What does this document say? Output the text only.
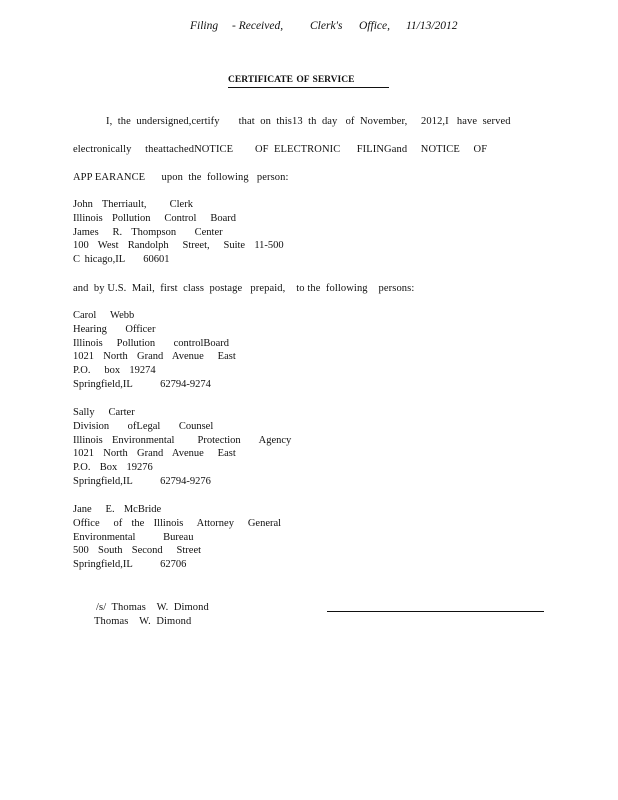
Filing - Received, Clerk's Office, 11/13/2012
CERTIFICATE OF SERVICE
I,  the  undersigned,certify       that  on  this13  th  day   of  November,     2012,I   have  served
electronically     theattachedNOTICE        OF  ELECTRONIC      FILINGand     NOTICE     OF
APP EARANCE      upon  the  following   person:
John  Therriault,     Clerk
Illinois  Pollution   Control   Board
James   R.  Thompson    Center
100  West  Randolph   Street,   Suite  11-500
C hicago,IL    60601
and  by U.S.  Mail,  first  class  postage   prepaid,    to the  following    persons:
Carol   Webb
Hearing    Officer
Illinois   Pollution    controlBoard
1021  North  Grand  Avenue   East
P.O.   box  19274
Springfield,IL      62794-9274
Sally   Carter
Division    ofLegal    Counsel
Illinois  Environmental     Protection    Agency
1021  North  Grand  Avenue   East
P.O.  Box  19276
Springfield,IL      62794-9276
Jane   E.  McBride
Office   of  the  Illinois   Attorney   General
Environmental      Bureau
500  South  Second   Street
Springfield,IL      62706
/s/  Thomas    W.  Dimond
Thomas    W.  Dimond
